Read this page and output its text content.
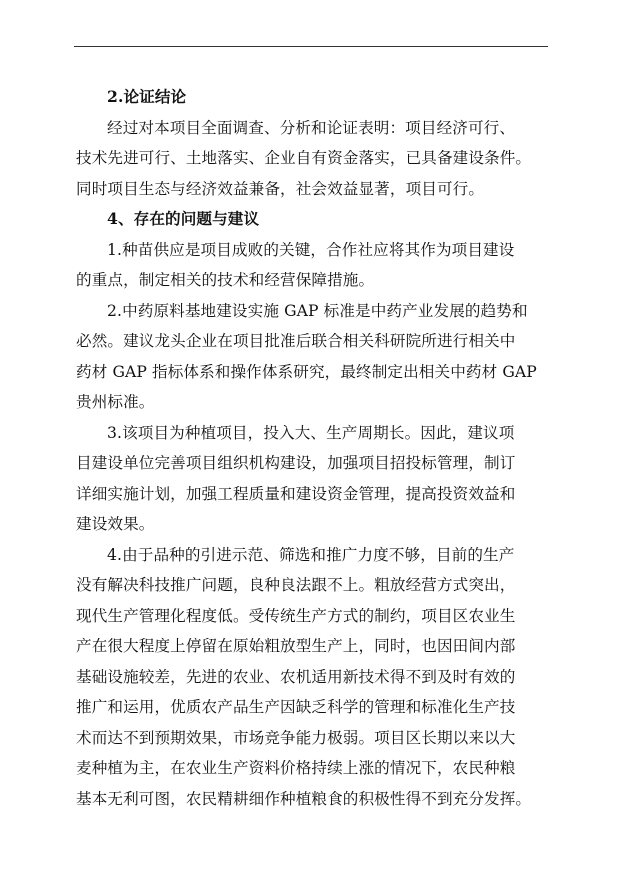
2.论证结论
经过对本项目全面调查、分析和论证表明：项目经济可行、
技术先进可行、土地落实、企业自有资金落实，已具备建设条件。
同时项目生态与经济效益兼备，社会效益显著，项目可行。
4、存在的问题与建议
1.种苗供应是项目成败的关键，合作社应将其作为项目建设
的重点，制定相关的技术和经营保障措施。
2.中药原料基地建设实施 GAP 标准是中药产业发展的趋势和
必然。建议龙头企业在项目批准后联合相关科研院所进行相关中
药材 GAP 指标体系和操作体系研究，最终制定出相关中药材 GAP
贵州标准。
3.该项目为种植项目，投入大、生产周期长。因此，建议项
目建设单位完善项目组织机构建设，加强项目招投标管理，制订
详细实施计划，加强工程质量和建设资金管理，提高投资效益和
建设效果。
4.由于品种的引进示范、筛选和推广力度不够，目前的生产
没有解决科技推广问题，良种良法跟不上。粗放经营方式突出，
现代生产管理化程度低。受传统生产方式的制约，项目区农业生
产在很大程度上停留在原始粗放型生产上，同时，也因田间内部
基础设施较差，先进的农业、农机适用新技术得不到及时有效的
推广和运用，优质农产品生产因缺乏科学的管理和标准化生产技
术而达不到预期效果，市场竞争能力极弱。项目区长期以来以大
麦种植为主，在农业生产资料价格持续上涨的情况下，农民种粮
基本无利可图，农民精耕细作种植粮食的积极性得不到充分发挥。
